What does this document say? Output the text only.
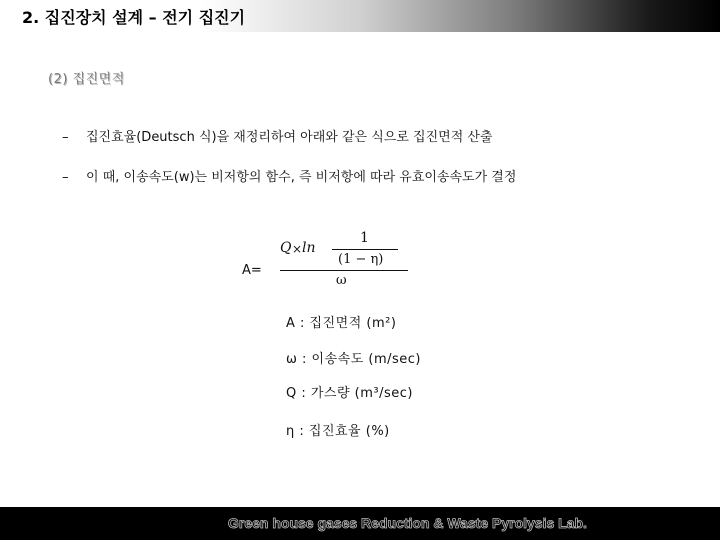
2. 집진장치 설계 – 전기 집진기
(2) 집진면적
– 집진효율(Deutsch 식)을 재정리하여 아래와 같은 식으로 집진면적 산출
– 이 때, 이송속도(w)는 비저항의 함수, 즉 비저항에 따라 유효이송속도가 결정
A=
Q × ln
1
(1 − η)
ω
A : 집진면적 (m²)
ω : 이송속도 (m/sec)
Q : 가스량 (m³/sec)
η : 집진효율 (%)
Green house gases Reduction & Waste Pyrolysis Lab.
